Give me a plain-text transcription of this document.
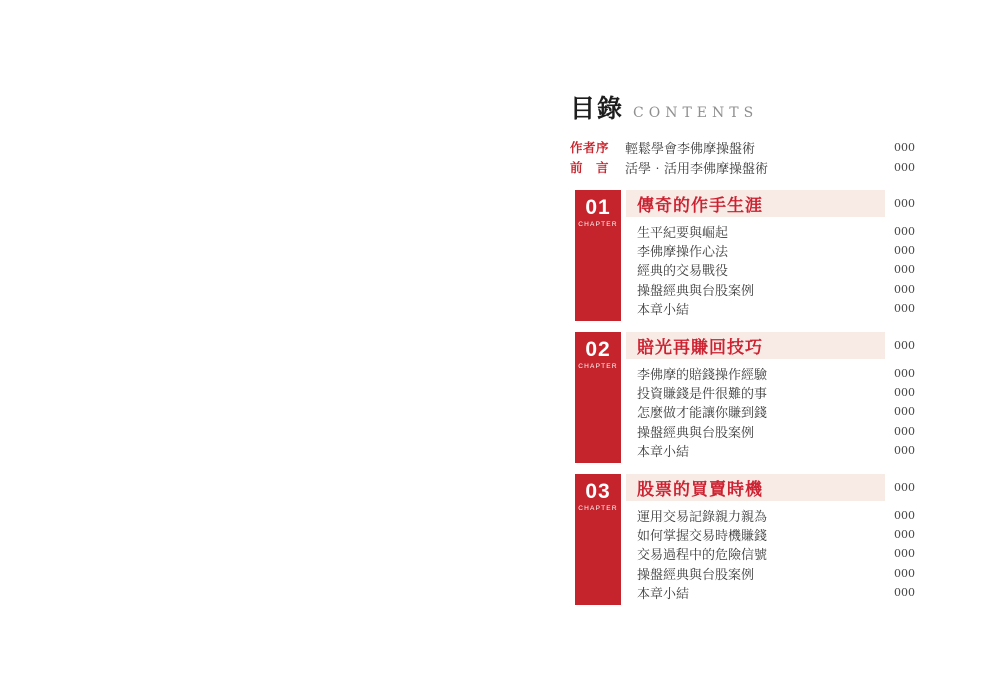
目錄 CONTENTS
作者序	輕鬆學會李佛摩操盤術	000
前　言	活學‧活用李佛摩操盤術	000
01
CHAPTER
傳奇的作手生涯	000
生平紀要與崛起	000
李佛摩操作心法	000
經典的交易戰役	000
操盤經典與台股案例	000
本章小結	000
02
CHAPTER
賠光再賺回技巧	000
李佛摩的賠錢操作經驗	000
投資賺錢是件很難的事	000
怎麼做才能讓你賺到錢	000
操盤經典與台股案例	000
本章小結	000
03
CHAPTER
股票的買賣時機	000
運用交易記錄親力親為	000
如何掌握交易時機賺錢	000
交易過程中的危險信號	000
操盤經典與台股案例	000
本章小結	000
